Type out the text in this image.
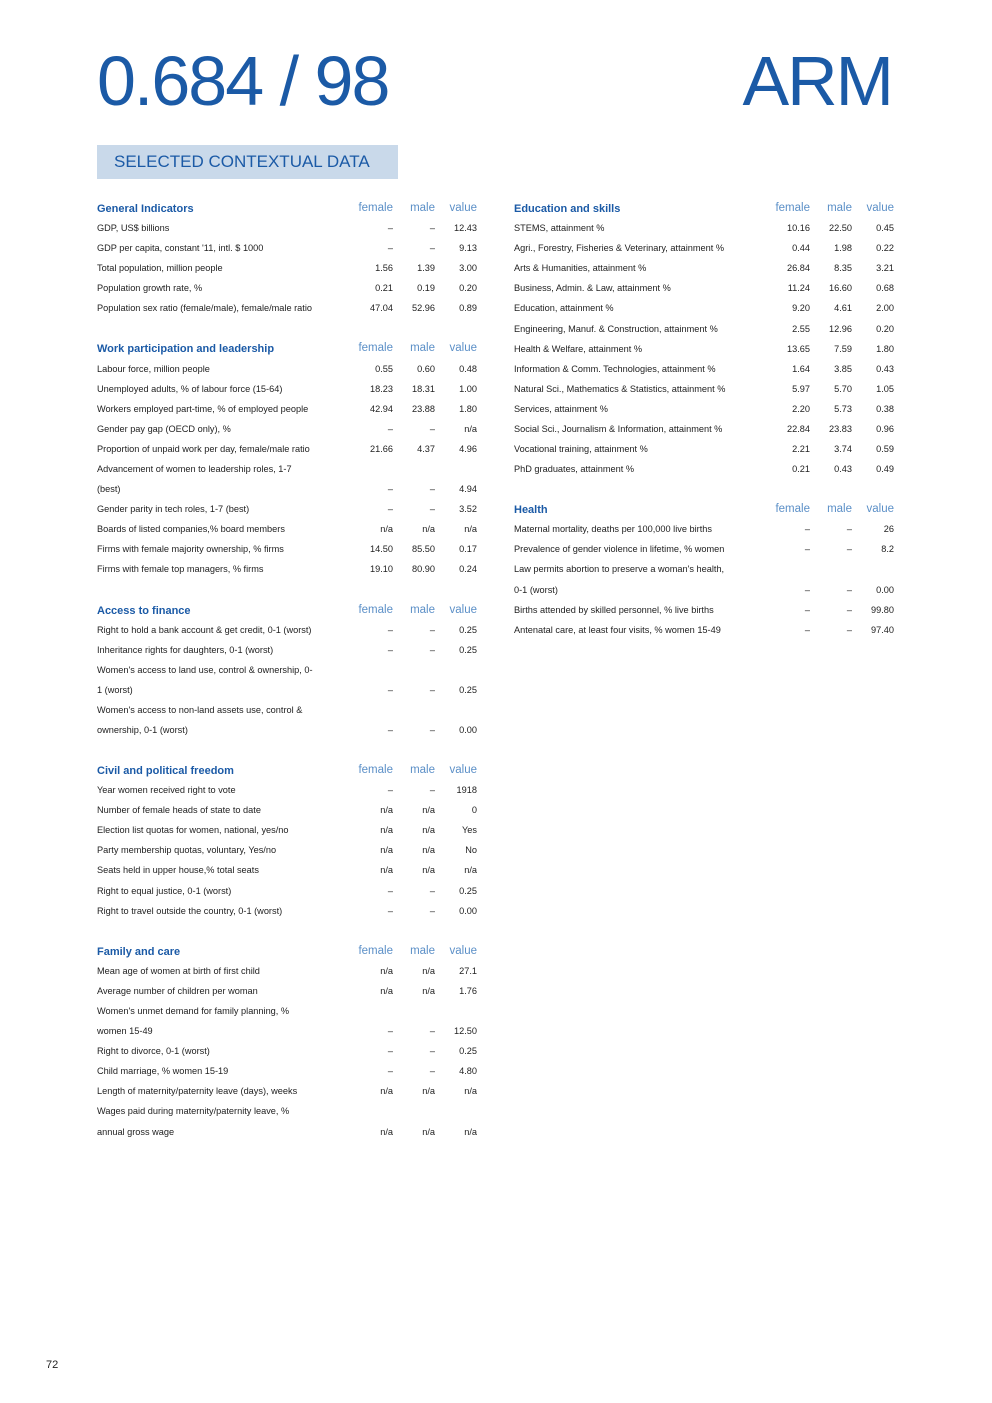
0.684 / 98	ARM
SELECTED CONTEXTUAL DATA
General Indicators	female	male	value
GDP, US$ billions	–	–	12.43
GDP per capita, constant '11, intl. $ 1000	–	–	9.13
Total population, million people	1.56	1.39	3.00
Population growth rate, %	0.21	0.19	0.20
Population sex ratio (female/male), female/male ratio	47.04	52.96	0.89
Work participation and leadership	female	male	value
Labour force, million people	0.55	0.60	0.48
Unemployed adults, % of labour force (15-64)	18.23	18.31	1.00
Workers employed part-time, % of employed people	42.94	23.88	1.80
Gender pay gap (OECD only), %	–	–	n/a
Proportion of unpaid work per day, female/male ratio	21.66	4.37	4.96
Advancement of women to leadership roles, 1-7
(best)	–	–	4.94
Gender parity in tech roles, 1-7 (best)	–	–	3.52
Boards of listed companies,% board members	n/a	n/a	n/a
Firms with female majority ownership, % firms	14.50	85.50	0.17
Firms with female top managers, % firms	19.10	80.90	0.24
Access to finance	female	male	value
Right to hold a bank account & get credit, 0-1 (worst)	–	–	0.25
Inheritance rights for daughters, 0-1 (worst)	–	–	0.25
Women's access to land use, control & ownership, 0-
1 (worst)	–	–	0.25
Women's access to non-land assets use, control &
ownership, 0-1 (worst)	–	–	0.00
Civil and political freedom	female	male	value
Year women received right to vote	–	–	1918
Number of female heads of state to date	n/a	n/a	0
Election list quotas for women, national, yes/no	n/a	n/a	Yes
Party membership quotas, voluntary, Yes/no	n/a	n/a	No
Seats held in upper house,% total seats	n/a	n/a	n/a
Right to equal justice, 0-1 (worst)	–	–	0.25
Right to travel outside the country, 0-1 (worst)	–	–	0.00
Family and care	female	male	value
Mean age of women at birth of first child	n/a	n/a	27.1
Average number of children per woman	n/a	n/a	1.76
Women's unmet demand for family planning, %
women 15-49	–	–	12.50
Right to divorce, 0-1 (worst)	–	–	0.25
Child marriage, % women 15-19	–	–	4.80
Length of maternity/paternity leave (days), weeks	n/a	n/a	n/a
Wages paid during maternity/paternity leave, %
annual gross wage	n/a	n/a	n/a
Education and skills	female	male	value
STEMS, attainment %	10.16	22.50	0.45
Agri., Forestry, Fisheries & Veterinary, attainment %	0.44	1.98	0.22
Arts & Humanities, attainment %	26.84	8.35	3.21
Business, Admin. & Law, attainment %	11.24	16.60	0.68
Education, attainment %	9.20	4.61	2.00
Engineering, Manuf. & Construction, attainment %	2.55	12.96	0.20
Health & Welfare, attainment %	13.65	7.59	1.80
Information & Comm. Technologies, attainment %	1.64	3.85	0.43
Natural Sci., Mathematics & Statistics, attainment %	5.97	5.70	1.05
Services, attainment %	2.20	5.73	0.38
Social Sci., Journalism & Information, attainment %	22.84	23.83	0.96
Vocational training, attainment %	2.21	3.74	0.59
PhD graduates, attainment %	0.21	0.43	0.49
Health	female	male	value
Maternal mortality, deaths per 100,000 live births	–	–	26
Prevalence of gender violence in lifetime, % women	–	–	8.2
Law permits abortion to preserve a woman's health,
0-1 (worst)	–	–	0.00
Births attended by skilled personnel, % live births	–	–	99.80
Antenatal care, at least four visits, % women 15-49	–	–	97.40
72
